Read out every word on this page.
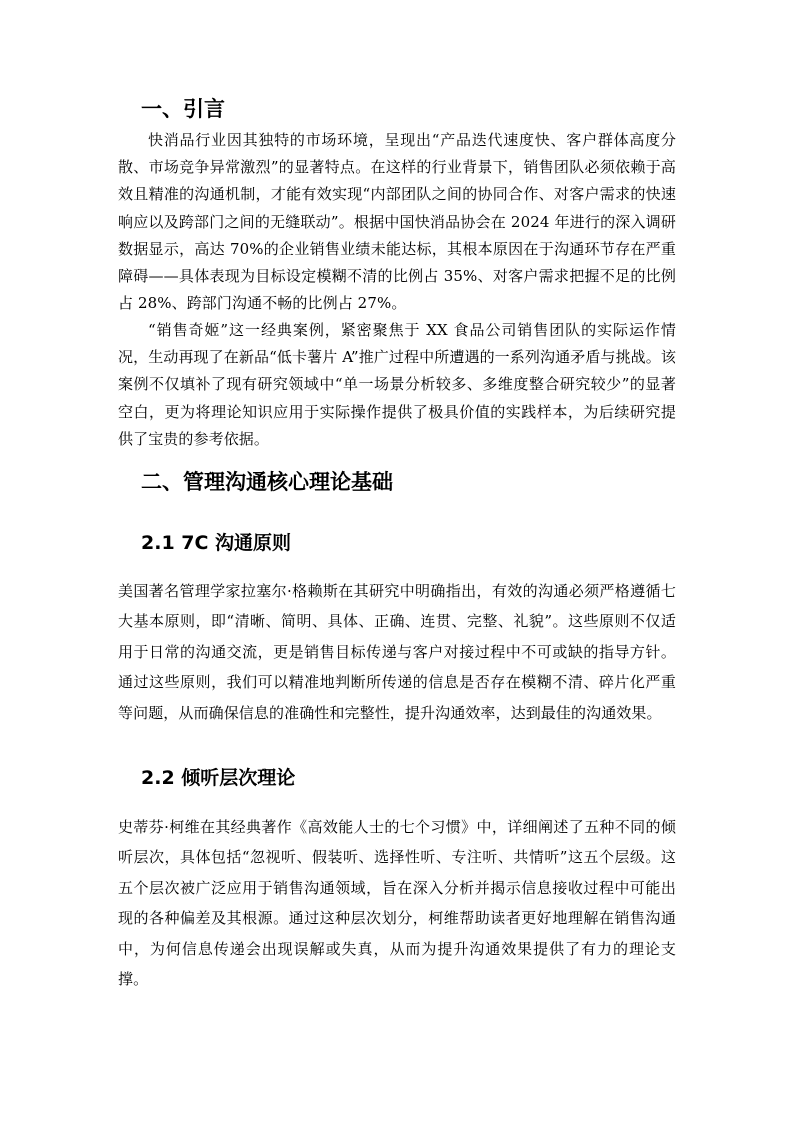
一、引言

快消品行业因其独特的市场环境，呈现出“产品迭代速度快、客户群体高度分散、市场竞争异常激烈”的显著特点。在这样的行业背景下，销售团队必须依赖于高效且精准的沟通机制，才能有效实现“内部团队之间的协同合作、对客户需求的快速响应以及跨部门之间的无缝联动”。根据中国快消品协会在 2024 年进行的深入调研数据显示，高达 70%的企业销售业绩未能达标，其根本原因在于沟通环节存在严重障碍——具体表现为目标设定模糊不清的比例占 35%、对客户需求把握不足的比例占 28%、跨部门沟通不畅的比例占 27%。

“销售奇姬”这一经典案例，紧密聚焦于 XX 食品公司销售团队的实际运作情况，生动再现了在新品“低卡薯片 A”推广过程中所遭遇的一系列沟通矛盾与挑战。该案例不仅填补了现有研究领域中“单一场景分析较多、多维度整合研究较少”的显著空白，更为将理论知识应用于实际操作提供了极具价值的实践样本，为后续研究提供了宝贵的参考依据。

二、管理沟通核心理论基础
2.1 7C 沟通原则

美国著名管理学家拉塞尔·格赖斯在其研究中明确指出，有效的沟通必须严格遵循七大基本原则，即“清晰、简明、具体、正确、连贯、完整、礼貌”。这些原则不仅适用于日常的沟通交流，更是销售目标传递与客户对接过程中不可或缺的指导方针。通过这些原则，我们可以精准地判断所传递的信息是否存在模糊不清、碎片化严重等问题，从而确保信息的准确性和完整性，提升沟通效率，达到最佳的沟通效果。

2.2 倾听层次理论

史蒂芬·柯维在其经典著作《高效能人士的七个习惯》中，详细阐述了五种不同的倾听层次，具体包括“忽视听、假装听、选择性听、专注听、共情听”这五个层级。这五个层次被广泛应用于销售沟通领域，旨在深入分析并揭示信息接收过程中可能出现的各种偏差及其根源。通过这种层次划分，柯维帮助读者更好地理解在销售沟通中，为何信息传递会出现误解或失真，从而为提升沟通效果提供了有力的理论支撑。
